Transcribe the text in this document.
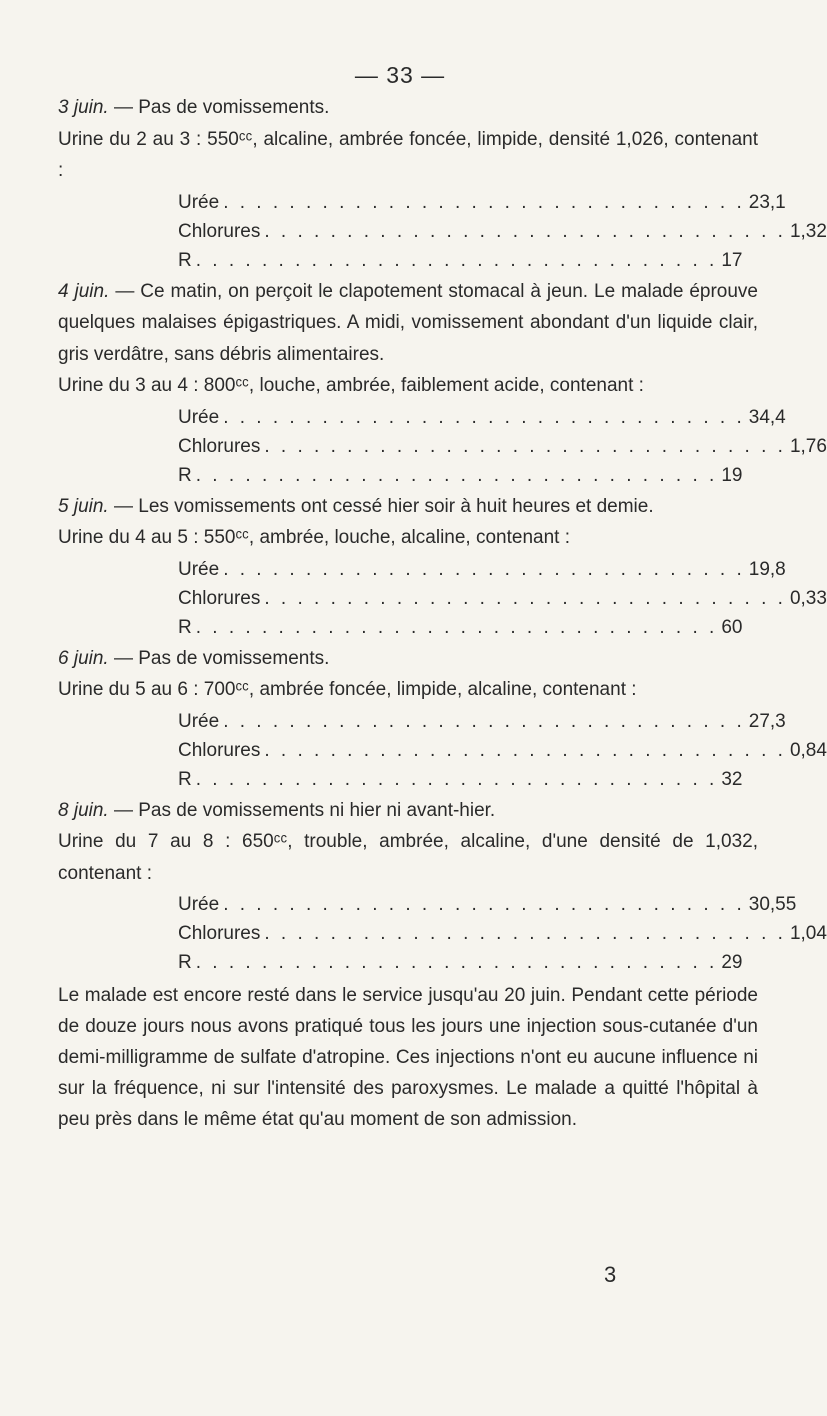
— 33 —

3 juin. — Pas de vomissements.

Urine du 2 au 3 : 550ᶜᶜ, alcaline, ambrée foncée, limpide, densité 1,026, contenant :

Urée . . . . . . . . . . . . . . . . . . . . . . . . . . . . . . . . 23,1
Chlorures . . . . . . . . . . . . . . . . . . . . . . . . . . . . . . . . 1,32
R . . . . . . . . . . . . . . . . . . . . . . . . . . . . . . . . 17

4 juin. — Ce matin, on perçoit le clapotement stomacal à jeun. Le malade éprouve quelques malaises épigastriques. A midi, vomissement abondant d'un liquide clair, gris verdâtre, sans débris alimentaires.

Urine du 3 au 4 : 800ᶜᶜ, louche, ambrée, faiblement acide, contenant :

Urée . . . . . . . . . . . . . . . . . . . . . . . . . . . . . . . . 34,4
Chlorures . . . . . . . . . . . . . . . . . . . . . . . . . . . . . . . . 1,76
R . . . . . . . . . . . . . . . . . . . . . . . . . . . . . . . . 19

5 juin. — Les vomissements ont cessé hier soir à huit heures et demie.

Urine du 4 au 5 : 550ᶜᶜ, ambrée, louche, alcaline, contenant :

Urée . . . . . . . . . . . . . . . . . . . . . . . . . . . . . . . . 19,8
Chlorures . . . . . . . . . . . . . . . . . . . . . . . . . . . . . . . . 0,33
R . . . . . . . . . . . . . . . . . . . . . . . . . . . . . . . . 60

6 juin. — Pas de vomissements.

Urine du 5 au 6 : 700ᶜᶜ, ambrée foncée, limpide, alcaline, contenant :

Urée . . . . . . . . . . . . . . . . . . . . . . . . . . . . . . . . 27,3
Chlorures . . . . . . . . . . . . . . . . . . . . . . . . . . . . . . . . 0,84
R . . . . . . . . . . . . . . . . . . . . . . . . . . . . . . . . 32

8 juin. — Pas de vomissements ni hier ni avant-hier.

Urine du 7 au 8 : 650ᶜᶜ, trouble, ambrée, alcaline, d'une densité de 1,032, contenant :

Urée . . . . . . . . . . . . . . . . . . . . . . . . . . . . . . . . 30,55
Chlorures . . . . . . . . . . . . . . . . . . . . . . . . . . . . . . . . 1,04
R . . . . . . . . . . . . . . . . . . . . . . . . . . . . . . . . 29

Le malade est encore resté dans le service jusqu'au 20 juin. Pendant cette période de douze jours nous avons pratiqué tous les jours une injection sous-cutanée d'un demi-milligramme de sulfate d'atropine. Ces injections n'ont eu aucune influence ni sur la fréquence, ni sur l'intensité des paroxysmes. Le malade a quitté l'hôpital à peu près dans le même état qu'au moment de son admission.

3
